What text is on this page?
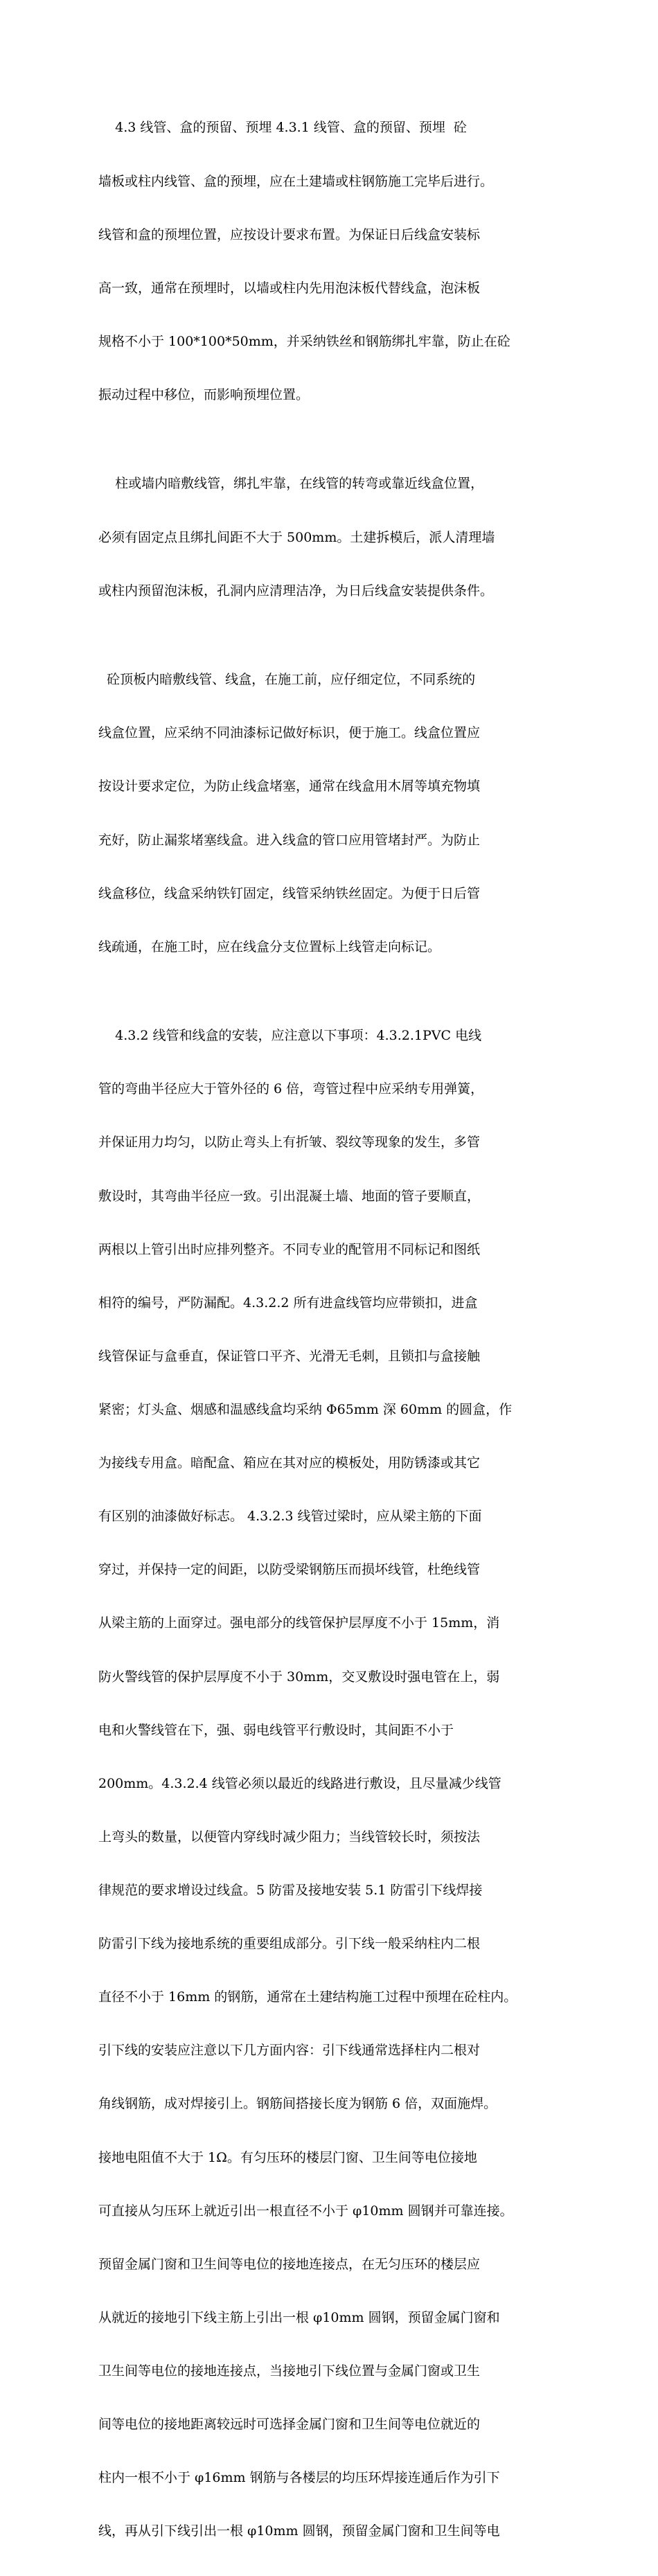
4.3 线管、盒的预留、预埋 4.3.1 线管、盒的预留、预埋  砼

墙板或柱内线管、盒的预埋，应在土建墙或柱钢筋施工完毕后进行。

线管和盒的预埋位置，应按设计要求布置。为保证日后线盒安装标

高一致，通常在预埋时，以墙或柱内先用泡沫板代替线盒，泡沫板

规格不小于 100*100*50mm，并采纳铁丝和钢筋绑扎牢靠，防止在砼

振动过程中移位，而影响预埋位置。

柱或墙内暗敷线管，绑扎牢靠，在线管的转弯或靠近线盒位置，

必须有固定点且绑扎间距不大于 500mm。土建拆模后，派人清理墙

或柱内预留泡沫板，孔洞内应清理洁净，为日后线盒安装提供条件。

砼顶板内暗敷线管、线盒，在施工前，应仔细定位，不同系统的

线盒位置，应采纳不同油漆标记做好标识，便于施工。线盒位置应

按设计要求定位，为防止线盒堵塞，通常在线盒用木屑等填充物填

充好，防止漏浆堵塞线盒。进入线盒的管口应用管堵封严。为防止

线盒移位，线盒采纳铁钉固定，线管采纳铁丝固定。为便于日后管

线疏通，在施工时，应在线盒分支位置标上线管走向标记。

4.3.2 线管和线盒的安装，应注意以下事项：4.3.2.1PVC 电线

管的弯曲半径应大于管外径的 6 倍，弯管过程中应采纳专用弹簧，

并保证用力均匀，以防止弯头上有折皱、裂纹等现象的发生，多管

敷设时，其弯曲半径应一致。引出混凝土墙、地面的管子要顺直，

两根以上管引出时应排列整齐。不同专业的配管用不同标记和图纸

相符的编号，严防漏配。4.3.2.2 所有进盒线管均应带锁扣，进盒

线管保证与盒垂直，保证管口平齐、光滑无毛刺，且锁扣与盒接触

紧密；灯头盒、烟感和温感线盒均采纳 Φ65mm 深 60mm 的圆盒，作

为接线专用盒。暗配盒、箱应在其对应的模板处，用防锈漆或其它

有区别的油漆做好标志。 4.3.2.3 线管过梁时，应从梁主筋的下面

穿过，并保持一定的间距，以防受梁钢筋压而损坏线管，杜绝线管

从梁主筋的上面穿过。强电部分的线管保护层厚度不小于 15mm，消

防火警线管的保护层厚度不小于 30mm，交叉敷设时强电管在上，弱

电和火警线管在下，强、弱电线管平行敷设时，其间距不小于

200mm。4.3.2.4 线管必须以最近的线路进行敷设，且尽量减少线管

上弯头的数量，以便管内穿线时减少阻力；当线管较长时，须按法

律规范的要求增设过线盒。5 防雷及接地安装 5.1 防雷引下线焊接

防雷引下线为接地系统的重要组成部分。引下线一般采纳柱内二根

直径不小于 16mm 的钢筋，通常在土建结构施工过程中预埋在砼柱内。

引下线的安装应注意以下几方面内容：引下线通常选择柱内二根对

角线钢筋，成对焊接引上。钢筋间搭接长度为钢筋 6 倍，双面施焊。

接地电阻值不大于 1Ω。有匀压环的楼层门窗、卫生间等电位接地

可直接从匀压环上就近引出一根直径不小于 φ10mm 圆钢并可靠连接。

预留金属门窗和卫生间等电位的接地连接点，在无匀压环的楼层应

从就近的接地引下线主筋上引出一根 φ10mm 圆钢，预留金属门窗和

卫生间等电位的接地连接点，当接地引下线位置与金属门窗或卫生

间等电位的接地距离较远时可选择金属门窗和卫生间等电位就近的

柱内一根不小于 φ16mm 钢筋与各楼层的均压环焊接连通后作为引下

线，再从引下线引出一根 φ10mm 圆钢，预留金属门窗和卫生间等电
